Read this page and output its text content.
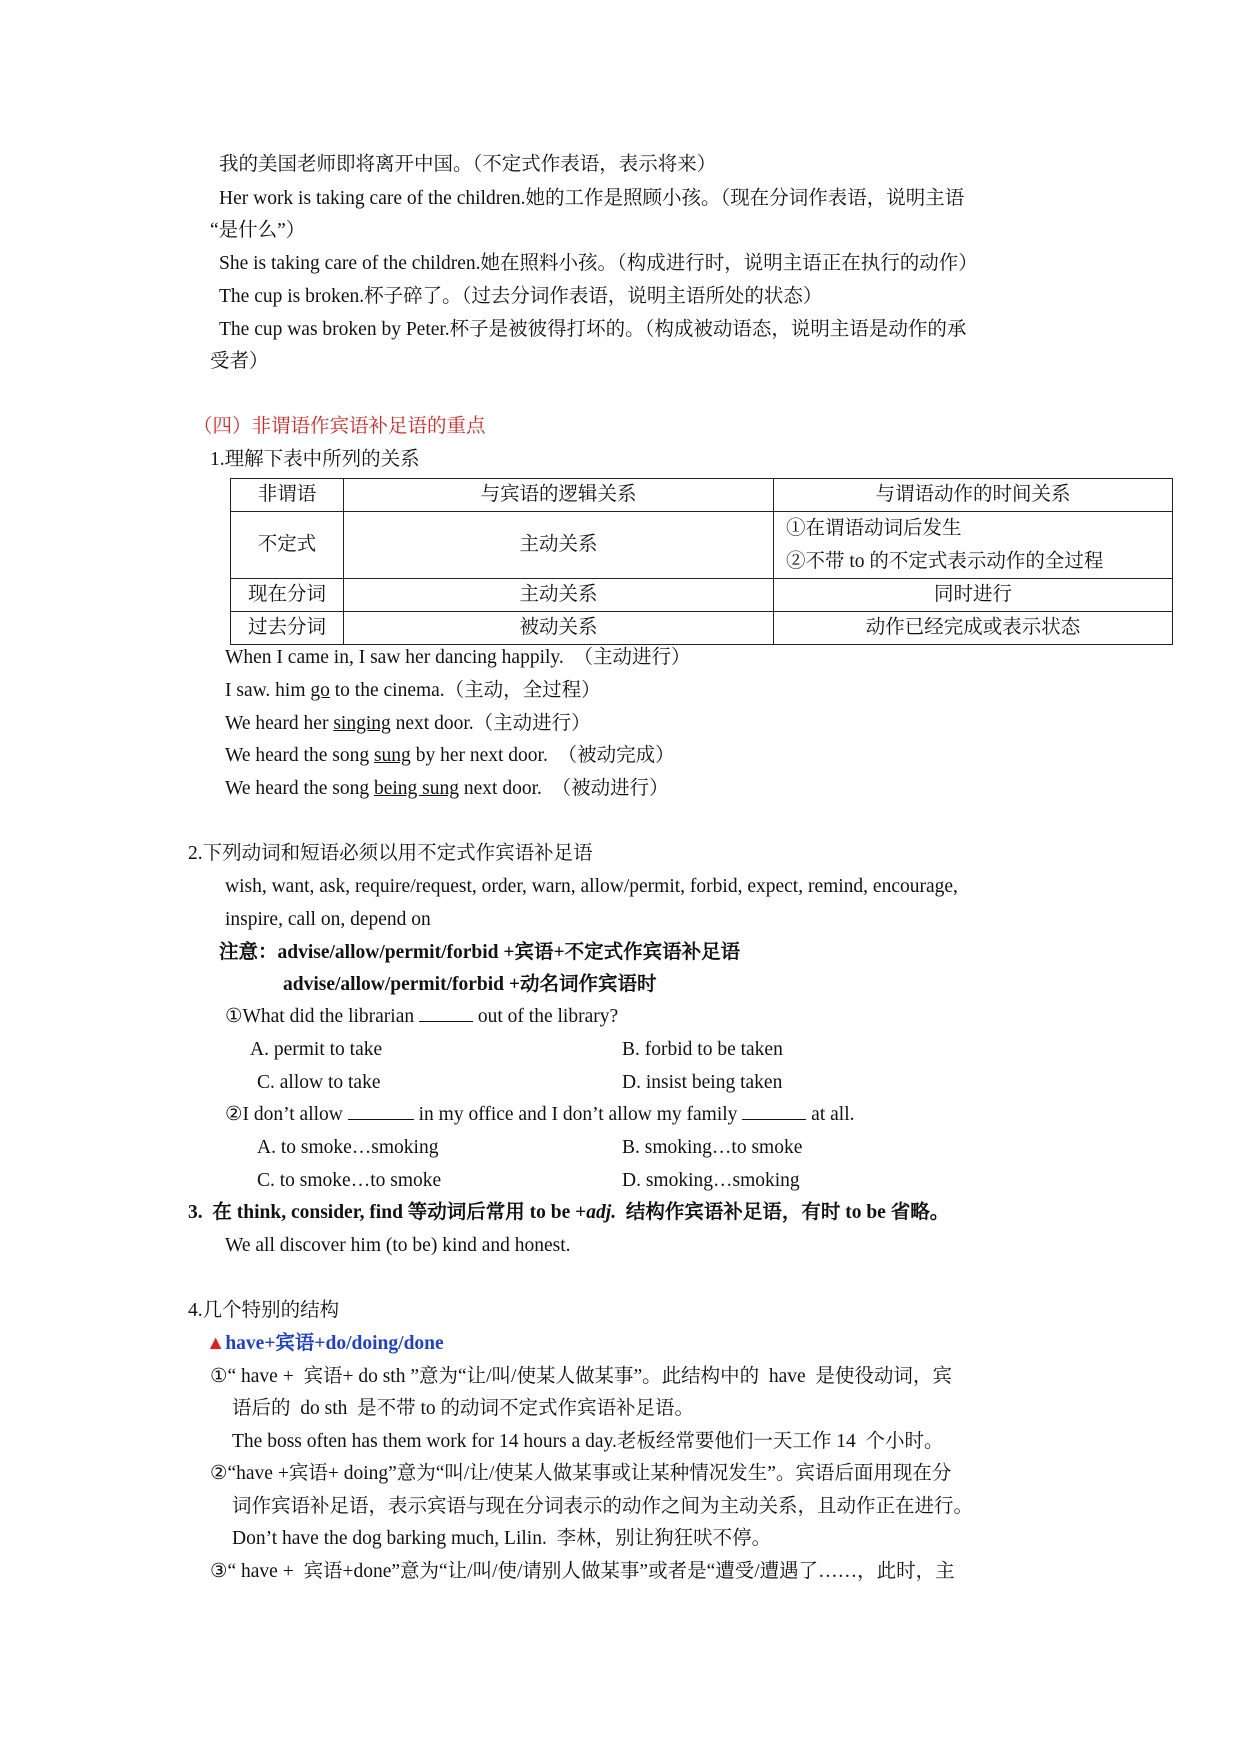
我的美国老师即将离开中国。（不定式作表语，表示将来）
Her work is taking care of the children.她的工作是照顾小孩。（现在分词作表语，说明主语
“是什么”）
She is taking care of the children.她在照料小孩。（构成进行时，说明主语正在执行的动作）
The cup is broken.杯子碎了。（过去分词作表语，说明主语所处的状态）
The cup was broken by Peter.杯子是被彼得打坏的。（构成被动语态，说明主语是动作的承
受者）
（四）非谓语作宾语补足语的重点
1.理解下表中所列的关系
非谓语	与宾语的逻辑关系	与谓语动作的时间关系
不定式	主动关系	①在谓语动词后发生
②不带 to 的不定式表示动作的全过程

现在分词	主动关系	同时进行
过去分词	被动关系	动作已经完成或表示状态
When I came in, I saw her dancing happily.  （主动进行）
I saw. him go to the cinema.（主动，全过程）
We heard her singing next door.（主动进行）
We heard the song sung by her next door.  （被动完成）
We heard the song being sung next door.  （被动进行）
2.下列动词和短语必须以用不定式作宾语补足语
wish, want, ask, require/request, order, warn, allow/permit, forbid, expect, remind, encourage,
inspire, call on, depend on
注意：advise/allow/permit/forbid +宾语+不定式作宾语补足语
advise/allow/permit/forbid +动名词作宾语时
①What did the librarian	out of the library?
A. permit to take	B. forbid to be taken
C. allow to take	D. insist being taken
②I don’t allow	in my office and I don’t allow my family	at all.
A. to smoke…smoking	B. smoking…to smoke
C. to smoke…to smoke	D. smoking…smoking
3.  在 think, consider, find 等动词后常用 to be +adj.  结构作宾语补足语，有时 to be 省略。
We all discover him (to be) kind and honest.
4.几个特别的结构
▲have+宾语+do/doing/done
①“ have +  宾语+ do sth ”意为“让/叫/使某人做某事”。此结构中的  have  是使役动词，宾
语后的  do sth  是不带 to 的动词不定式作宾语补足语。
The boss often has them work for 14 hours a day.老板经常要他们一天工作 14  个小时。
②“have +宾语+ doing”意为“叫/让/使某人做某事或让某种情况发生”。宾语后面用现在分
词作宾语补足语，表示宾语与现在分词表示的动作之间为主动关系，且动作正在进行。
Don’t have the dog barking much, Lilin.  李林，别让狗狂吠不停。
③“ have +  宾语+done”意为“让/叫/使/请别人做某事”或者是“遭受/遭遇了……，此时，主
